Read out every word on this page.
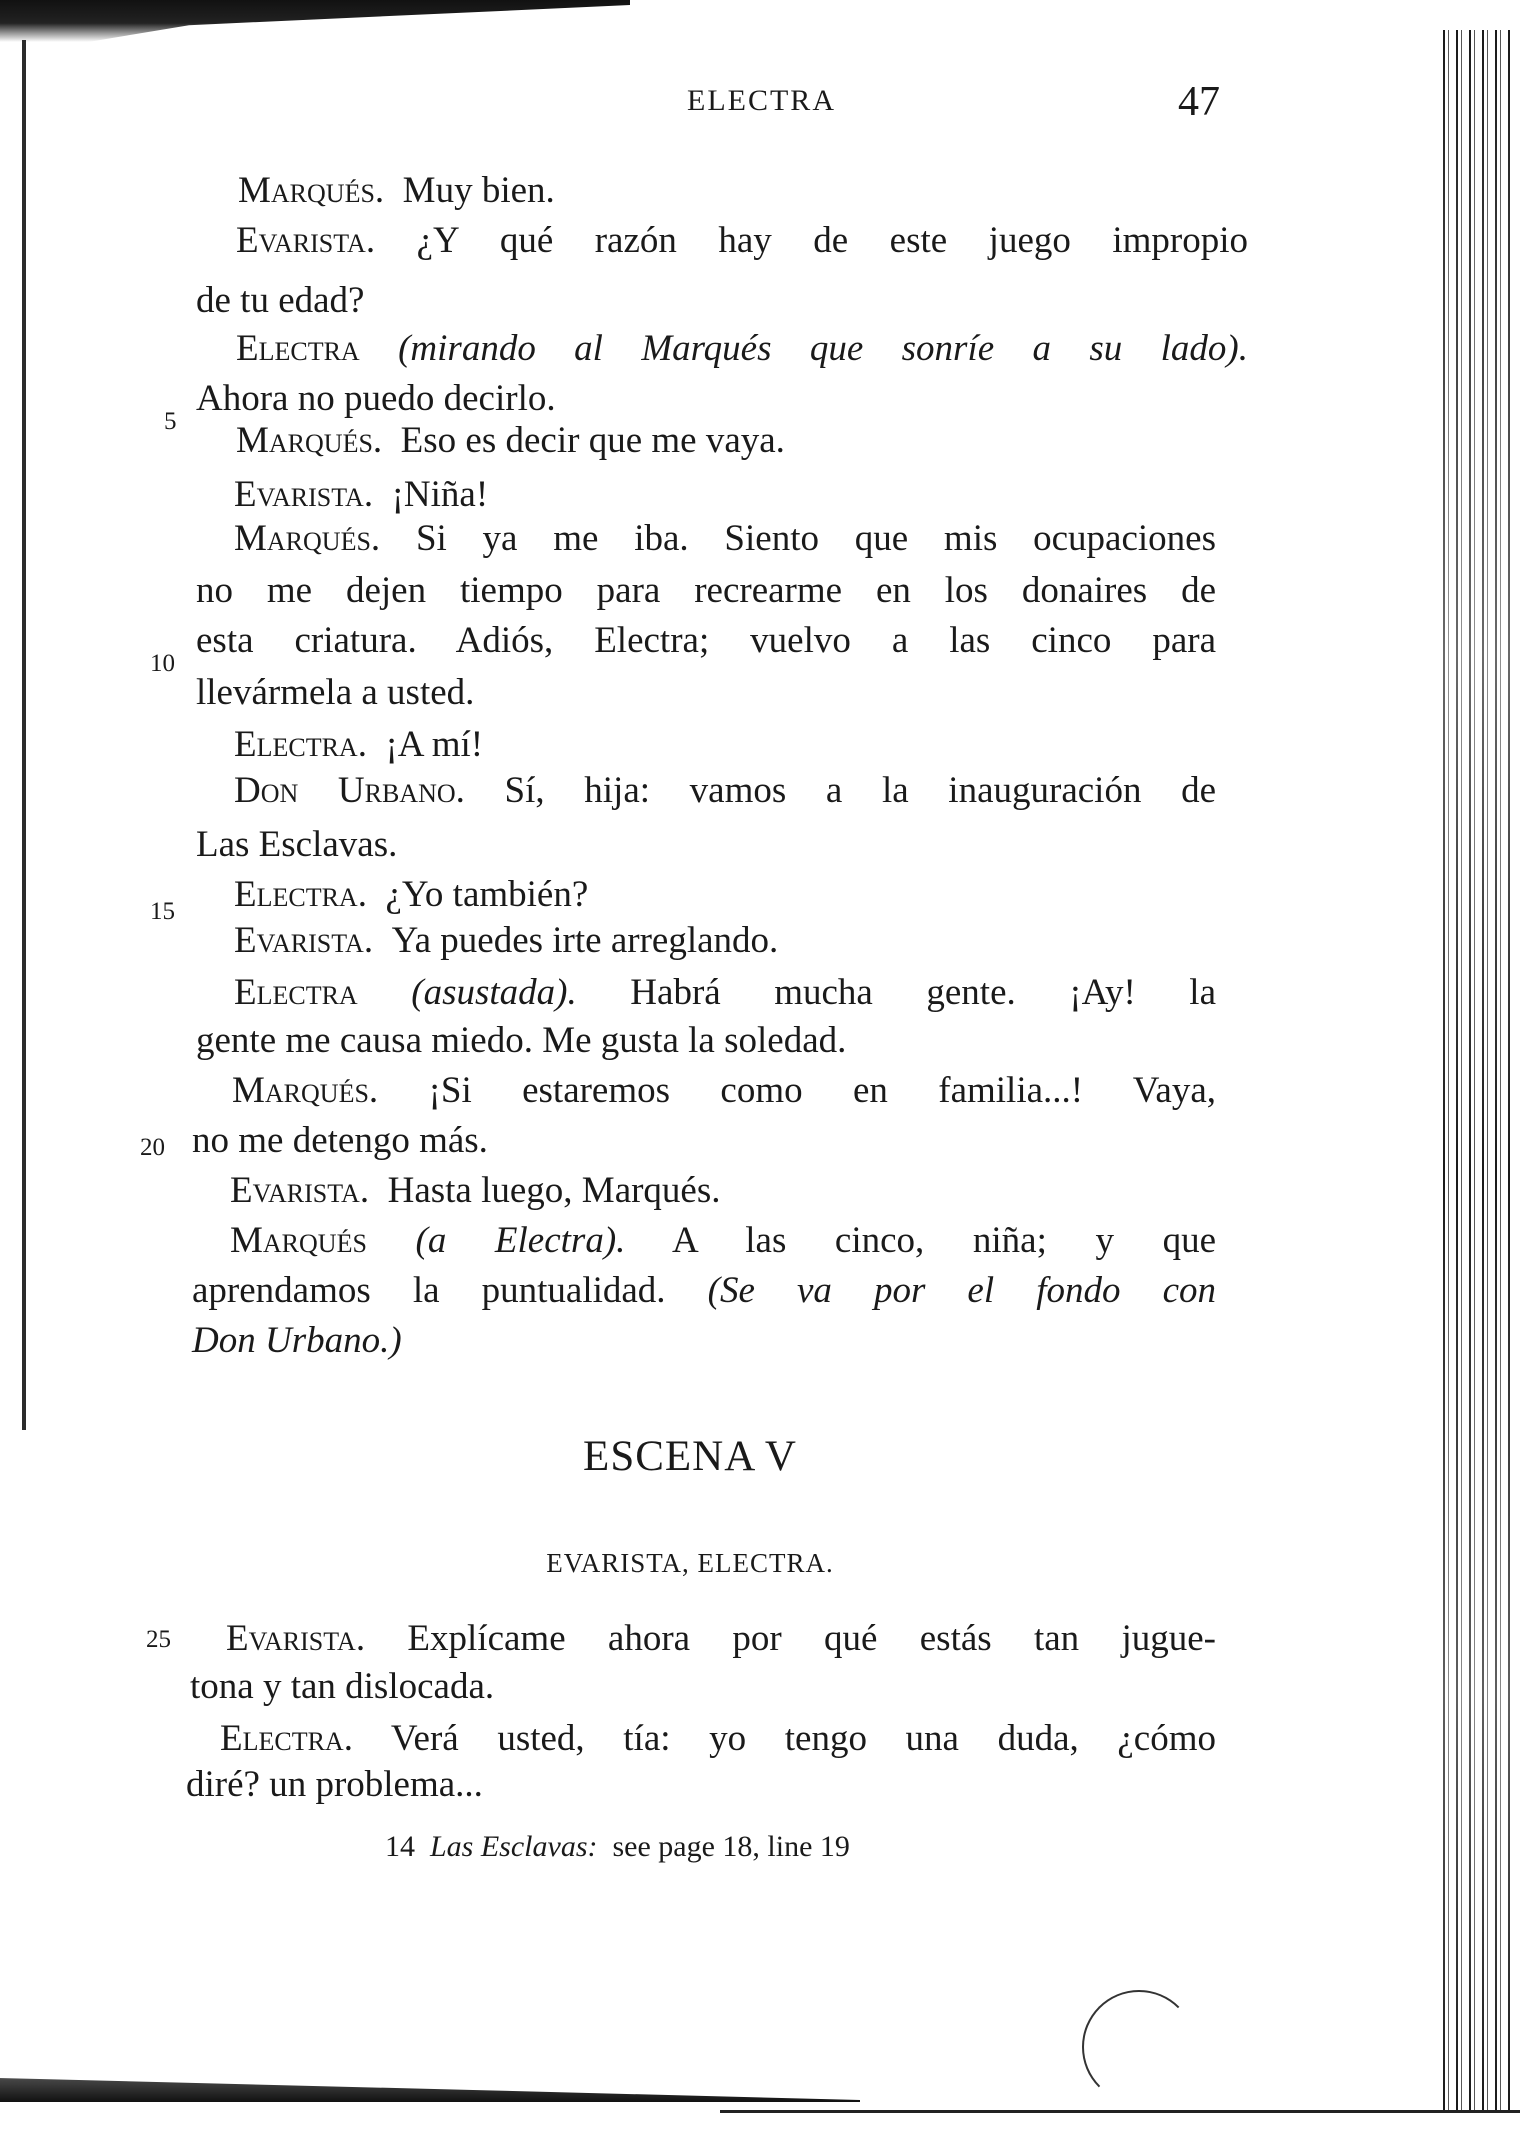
ELECTRA	47
Marqués. Muy bien.
Evarista. ¿Y qué razón hay de este juego impropio
de tu edad?
Electra (mirando al Marqués que sonríe a su lado).
5
Ahora no puedo decirlo.
Marqués. Eso es decir que me vaya.
Evarista. ¡Niña!
Marqués. Si ya me iba. Siento que mis ocupaciones
no me dejen tiempo para recrearme en los donaires de
10
esta criatura. Adiós, Electra; vuelvo a las cinco para
llevármela a usted.
Electra. ¡A mí!
Don Urbano. Sí, hija: vamos a la inauguración de
Las Esclavas.
15 Electra. ¿Yo también?
Evarista. Ya puedes irte arreglando.
Electra (asustada). Habrá mucha gente. ¡Ay! la
gente me causa miedo. Me gusta la soledad.
Marqués. ¡Si estaremos como en familia...! Vaya,
20 no me detengo más.
Evarista. Hasta luego, Marqués.
Marqués (a Electra). A las cinco, niña; y que
aprendamos la puntualidad. (Se va por el fondo con
Don Urbano.)
ESCENA V
EVARISTA, ELECTRA.
25 Evarista. Explícame ahora por qué estás tan jugue-
tona y tan dislocada.
Electra. Verá usted, tía: yo tengo una duda, ¿cómo
diré? un problema...
14 Las Esclavas: see page 18, line 19
